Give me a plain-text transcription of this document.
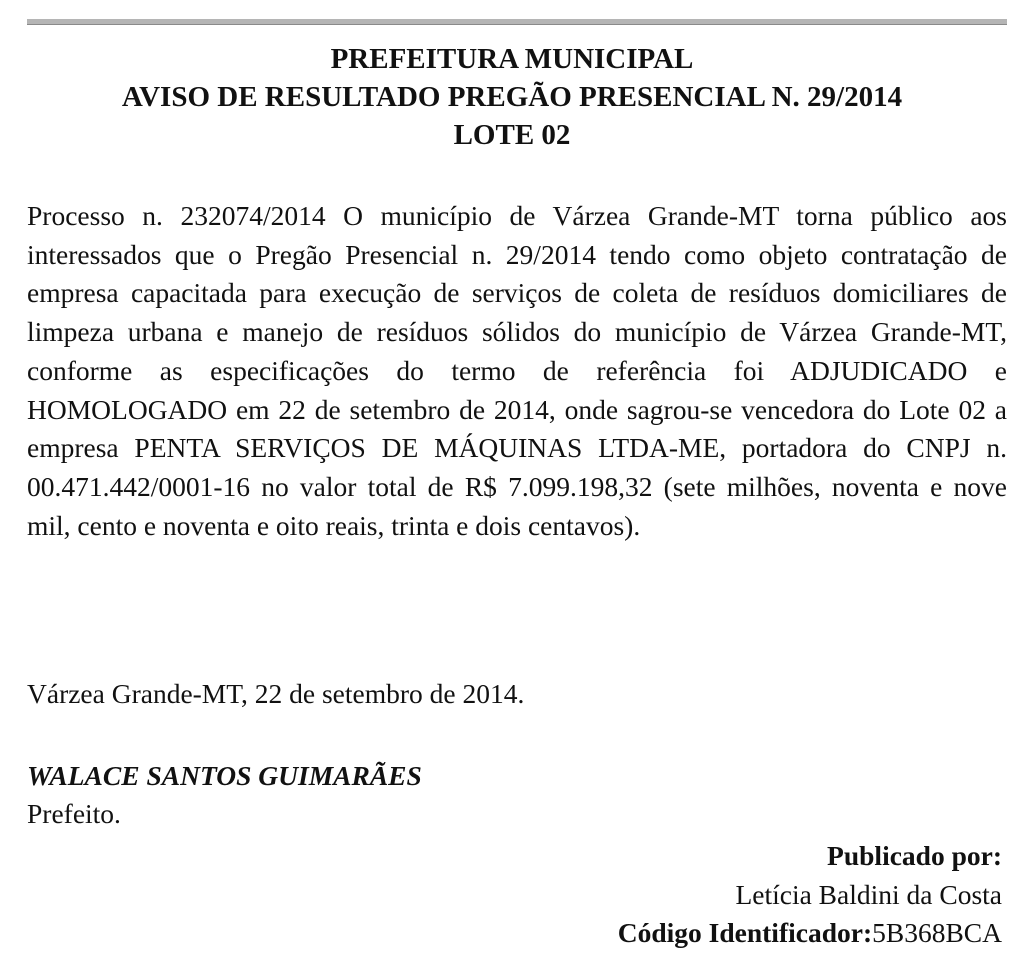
PREFEITURA MUNICIPAL
AVISO DE RESULTADO PREGÃO PRESENCIAL N. 29/2014
LOTE 02

Processo n. 232074/2014 O município de Várzea Grande-MT torna público aos interessados que o Pregão Presencial n. 29/2014 tendo como objeto contratação de empresa capacitada para execução de serviços de coleta de resíduos domiciliares de limpeza urbana e manejo de resíduos sólidos do município de Várzea Grande-MT, conforme as especificações do termo de referência foi ADJUDICADO e HOMOLOGADO em 22 de setembro de 2014, onde sagrou-se vencedora do Lote 02 a empresa PENTA SERVIÇOS DE MÁQUINAS LTDA-ME, portadora do CNPJ n. 00.471.442/0001-16 no valor total de R$ 7.099.198,32 (sete milhões, noventa e nove mil, cento e noventa e oito reais, trinta e dois centavos).

Várzea Grande-MT, 22 de setembro de 2014.
WALACE SANTOS GUIMARÃES
Prefeito.
Publicado por:
Letícia Baldini da Costa
Código Identificador:5B368BCA
